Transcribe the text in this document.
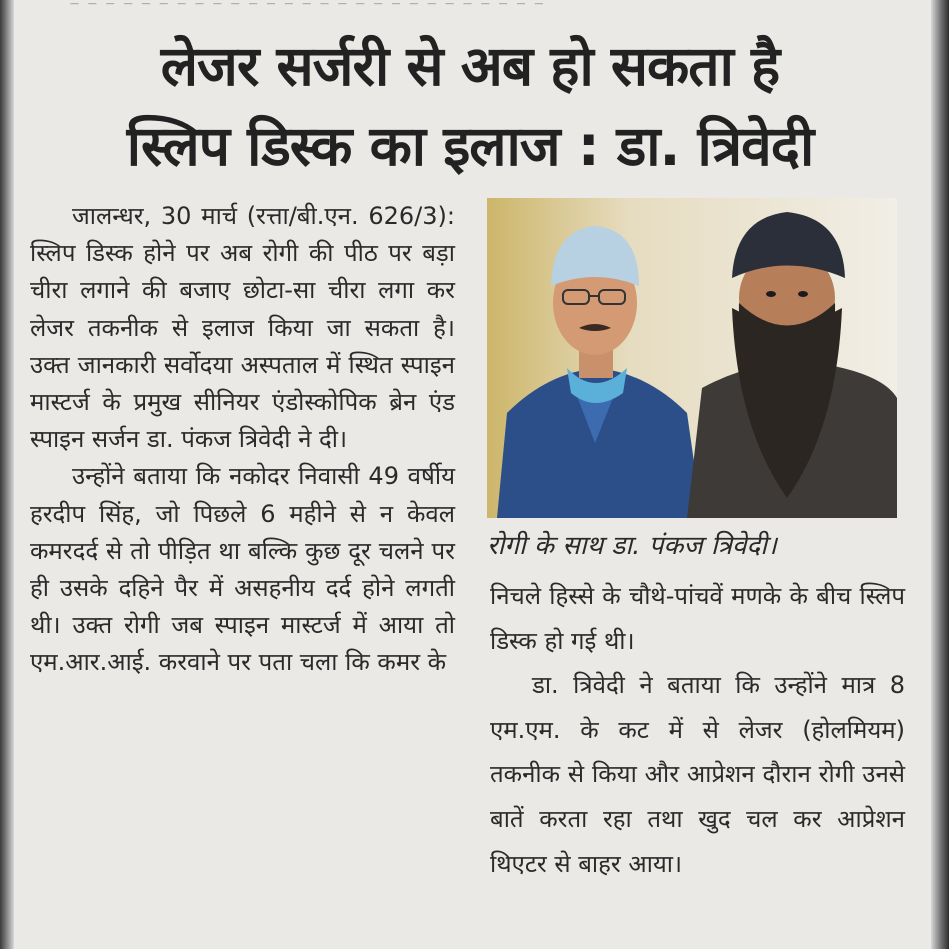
— — — — — — — — — — — — — — — — — — — — — — — — — — —
लेजर सर्जरी से अब हो सकता है
स्लिप डिस्क का इलाज : डा. त्रिवेदी

जालन्धर, 30 मार्च (रत्ता/बी.एन. 626/3): स्लिप डिस्क होने पर अब रोगी की पीठ पर बड़ा चीरा लगाने की बजाए छोटा-सा चीरा लगा कर लेजर तकनीक से इलाज किया जा सकता है। उक्त जानकारी सर्वोदया अस्पताल में स्थित स्पाइन मास्टर्ज के प्रमुख सीनियर एंडोस्कोपिक ब्रेन एंड स्पाइन सर्जन डा. पंकज त्रिवेदी ने दी।

उन्होंने बताया कि नकोदर निवासी 49 वर्षीय हरदीप सिंह, जो पिछले 6 महीने से न केवल कमरदर्द से तो पीड़ित था बल्कि कुछ दूर चलने पर ही उसके दहिने पैर में असहनीय दर्द होने लगती थी। उक्त रोगी जब स्पाइन मास्टर्ज में आया तो एम.आर.आई. करवाने पर पता चला कि कमर के

रोगी के साथ डा. पंकज त्रिवेदी।

निचले हिस्से के चौथे-पांचवें मणके के बीच स्लिप डिस्क हो गई थी।

डा. त्रिवेदी ने बताया कि उन्होंने मात्र 8 एम.एम. के कट में से लेजर (होलमियम) तकनीक से किया और आप्रेशन दौरान रोगी उनसे बातें करता रहा तथा खुद चल कर आप्रेशन थिएटर से बाहर आया।
